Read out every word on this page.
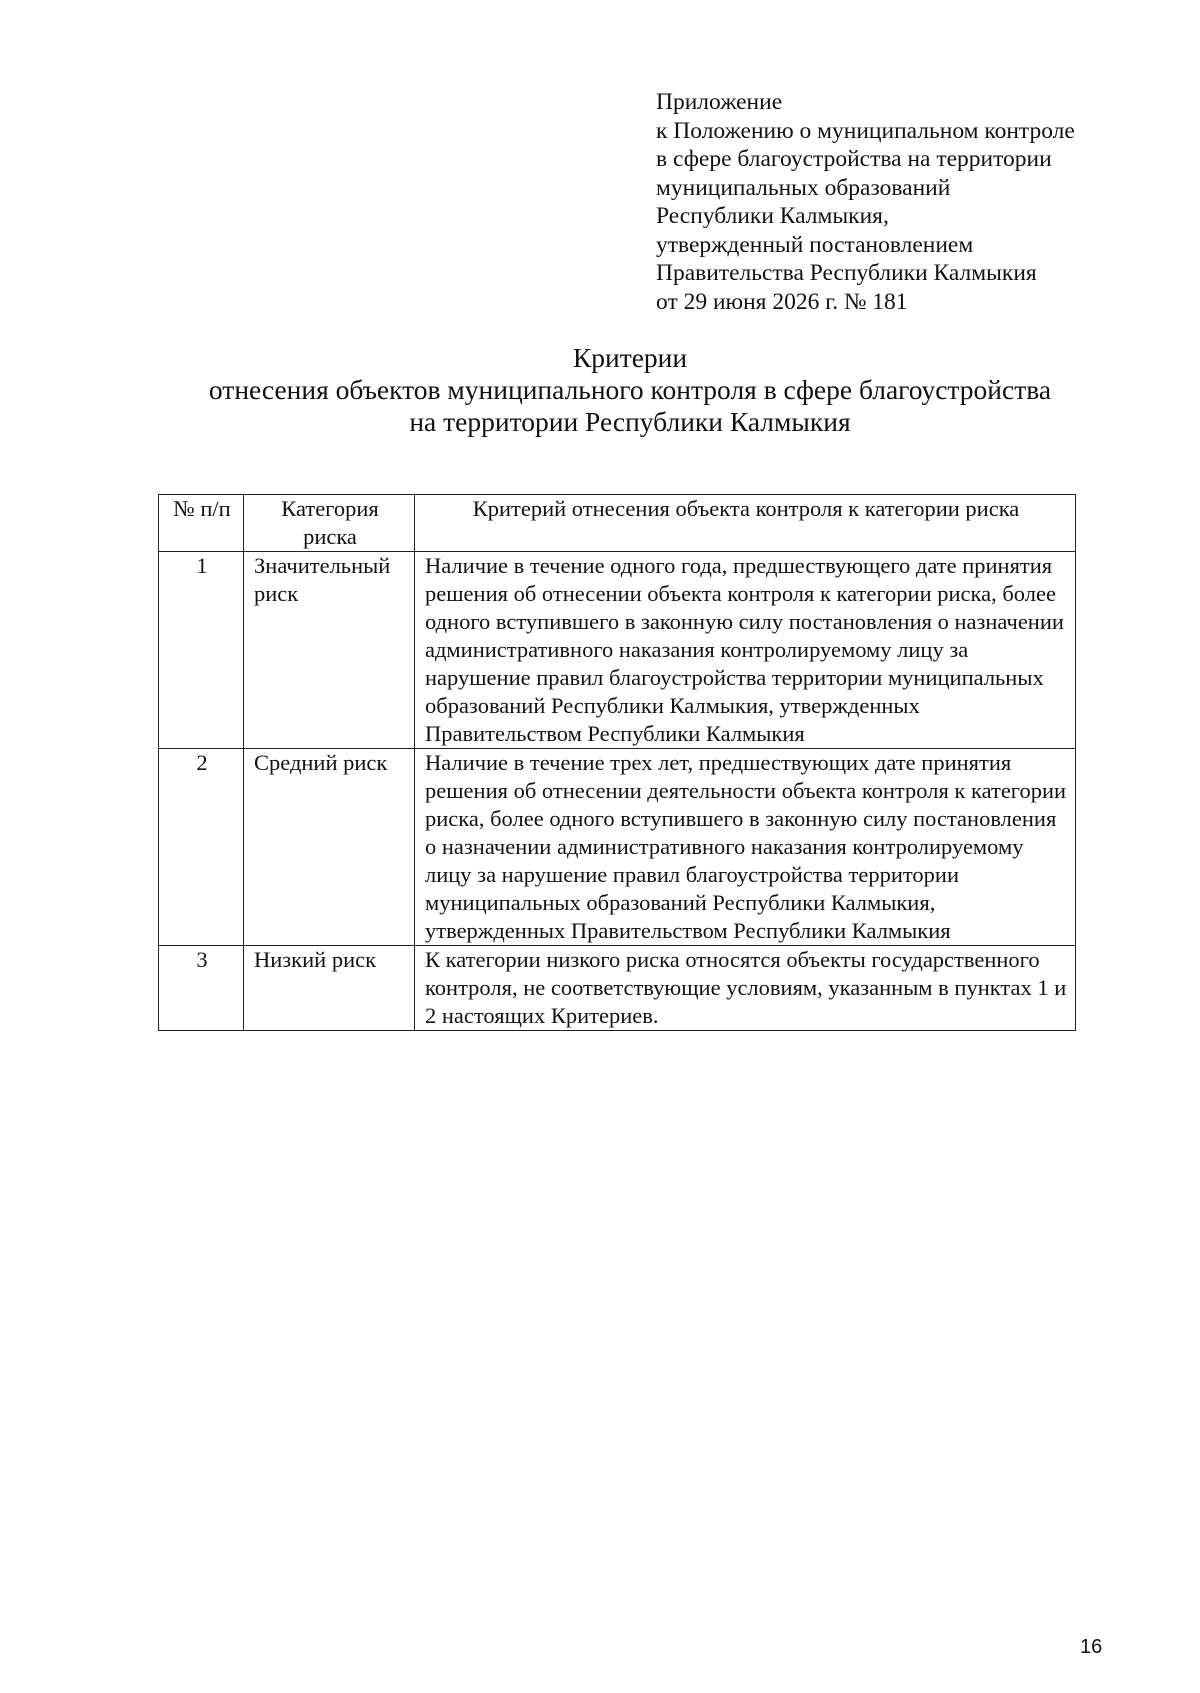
Приложение
к Положению о муниципальном контроле
в сфере благоустройства на территории
муниципальных образований
Республики Калмыкия,
утвержденный постановлением
Правительства Республики Калмыкия
от 29 июня 2026 г. № 181
Критерии
отнесения объектов муниципального контроля в сфере благоустройства
на территории Республики Калмыкия
№ п/п	Категория риска	Критерий отнесения объекта контроля к категории риска
1	Значительный риск	Наличие в течение одного года, предшествующего дате принятия решения об отнесении объекта контроля к категории риска, более одного вступившего в законную силу постановления о назначении административного наказания контролируемому лицу за нарушение правил благоустройства территории муниципальных образований Республики Калмыкия, утвержденных Правительством Республики Калмыкия
2	Средний риск	Наличие в течение трех лет, предшествующих дате принятия решения об отнесении деятельности объекта контроля к категории риска, более одного вступившего в законную силу постановления о назначении административного наказания контролируемому лицу за нарушение правил благоустройства территории муниципальных образований Республики Калмыкия, утвержденных Правительством Республики Калмыкия
3	Низкий риск	К категории низкого риска относятся объекты государственного контроля, не соответствующие условиям, указанным в пунктах 1 и 2 настоящих Критериев.
16
